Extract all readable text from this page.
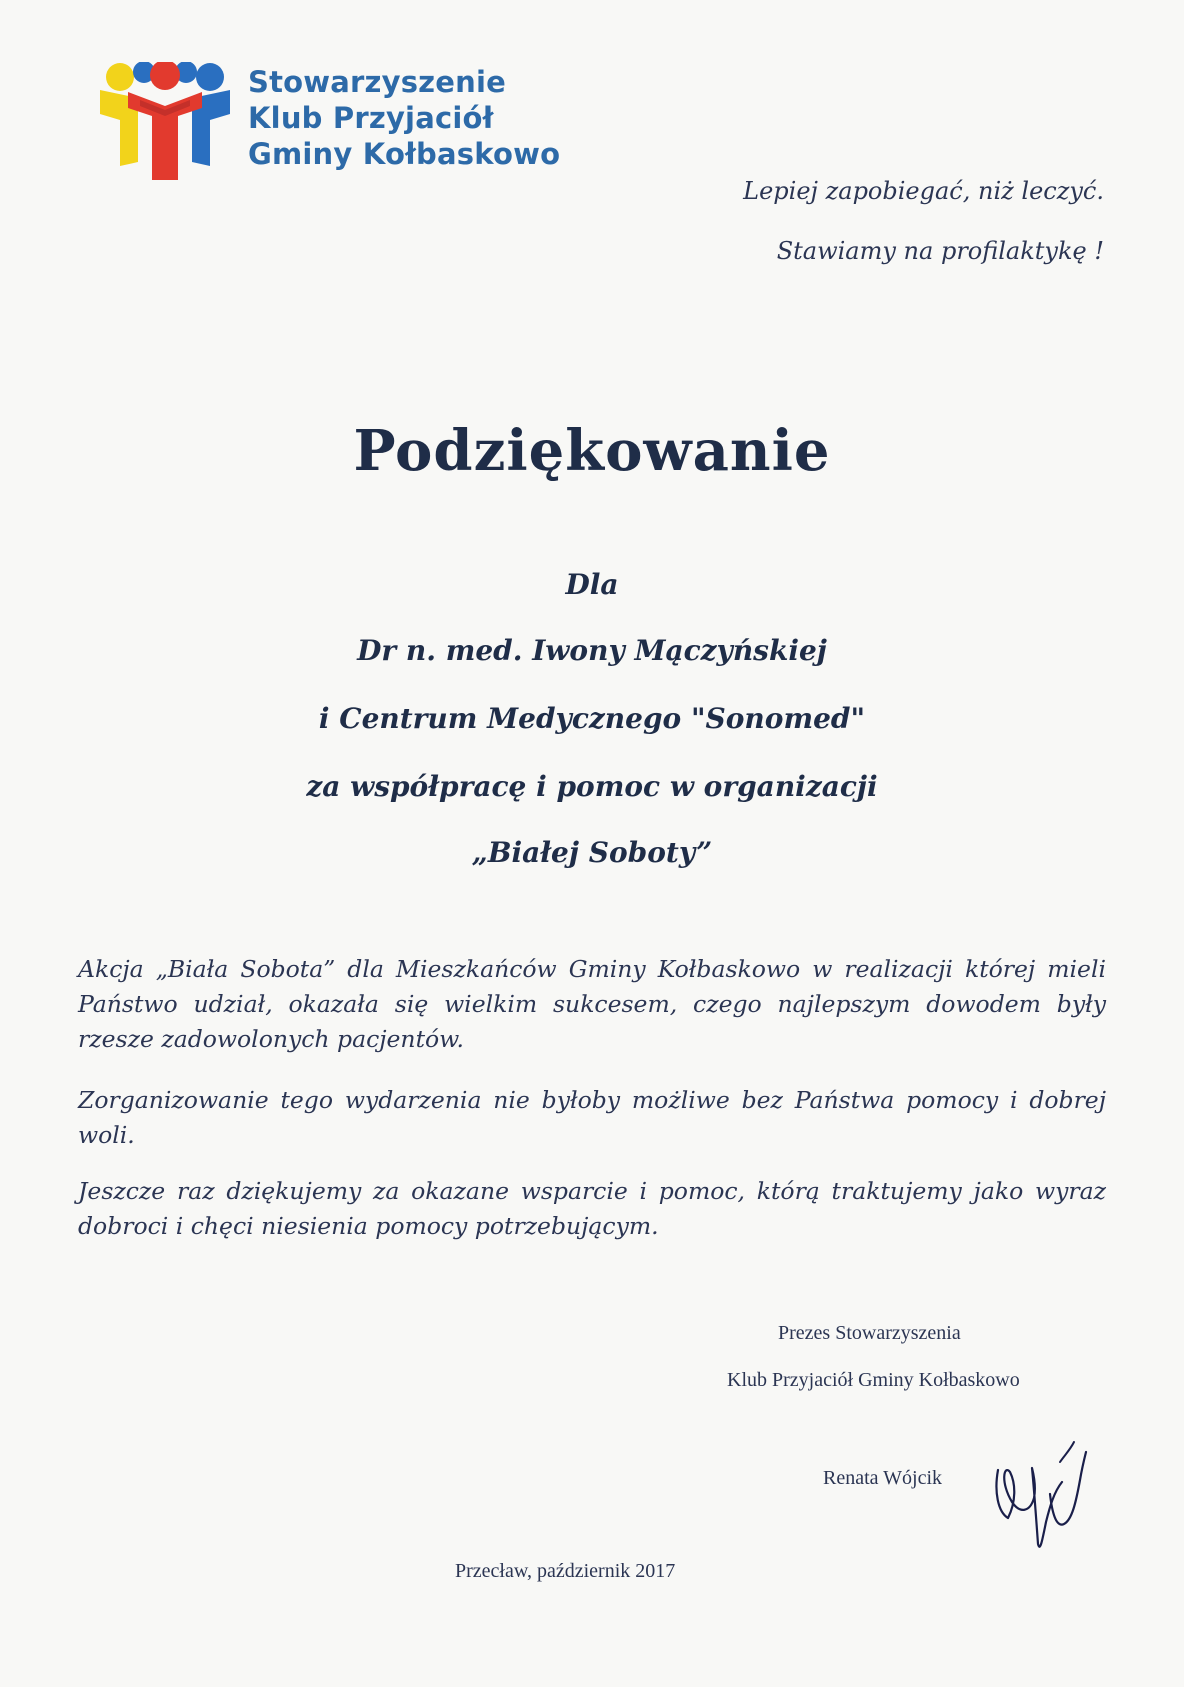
Stowarzyszenie
Klub Przyjaciół
Gminy Kołbaskowo
Lepiej zapobiegać, niż leczyć.
Stawiamy na profilaktykę !
Podziękowanie
Dla
Dr n. med. Iwony Mączyńskiej
i Centrum Medycznego "Sonomed"
za współpracę i pomoc w organizacji
„Białej Soboty”
Akcja „Biała Sobota” dla Mieszkańców Gminy Kołbaskowo w realizacji której mieli Państwo udział, okazała się wielkim sukcesem, czego najlepszym dowodem były rzesze zadowolonych pacjentów.
Zorganizowanie tego wydarzenia nie byłoby możliwe bez Państwa pomocy i dobrej woli.
Jeszcze raz dziękujemy za okazane wsparcie i pomoc, którą traktujemy jako wyraz dobroci i chęci niesienia pomocy potrzebującym.
Prezes Stowarzyszenia
Klub Przyjaciół Gminy Kołbaskowo
Renata Wójcik
Przecław, październik 2017
